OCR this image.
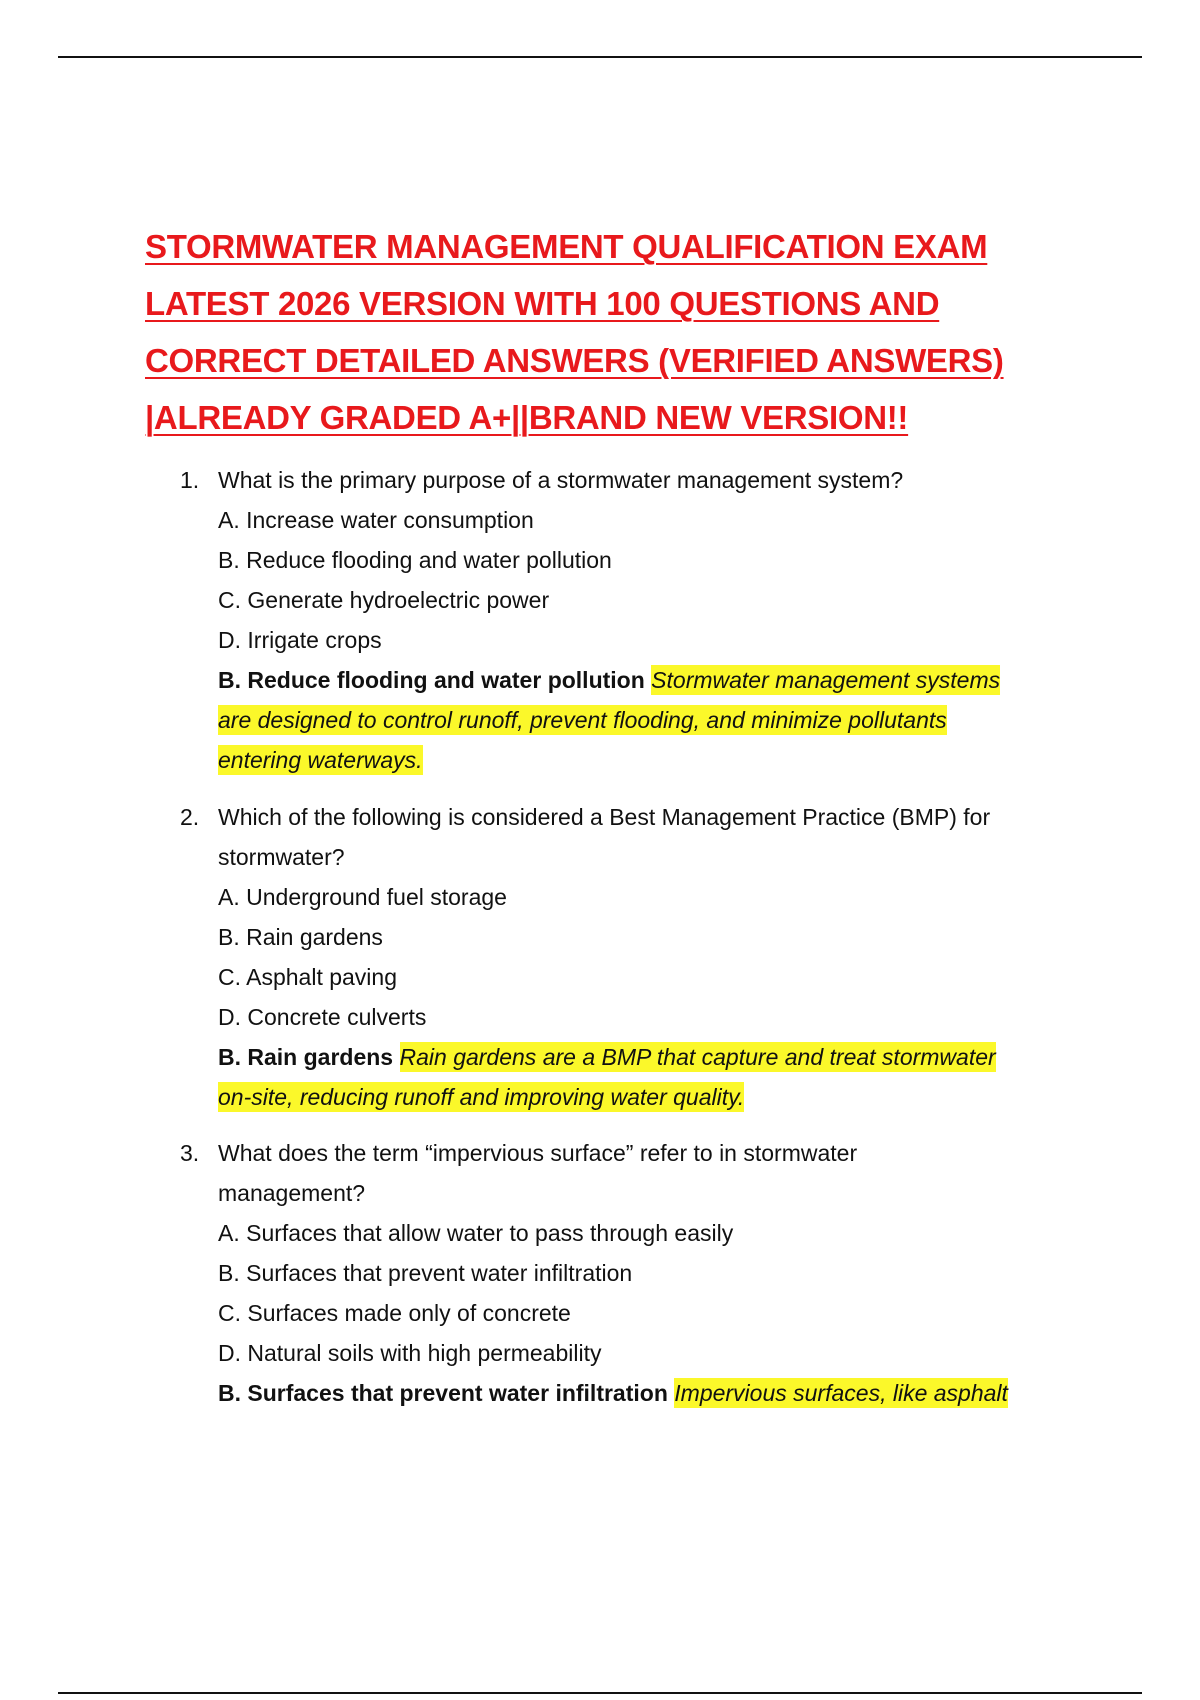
STORMWATER MANAGEMENT QUALIFICATION EXAM
LATEST 2026 VERSION WITH 100 QUESTIONS AND
CORRECT DETAILED ANSWERS (VERIFIED ANSWERS)
|ALREADY GRADED A+||BRAND NEW VERSION!!
1. What is the primary purpose of a stormwater management system?
A. Increase water consumption
B. Reduce flooding and water pollution
C. Generate hydroelectric power
D. Irrigate crops
B. Reduce flooding and water pollution Stormwater management systems
are designed to control runoff, prevent flooding, and minimize pollutants
entering waterways.
2. Which of the following is considered a Best Management Practice (BMP) for
stormwater?
A. Underground fuel storage
B. Rain gardens
C. Asphalt paving
D. Concrete culverts
B. Rain gardens Rain gardens are a BMP that capture and treat stormwater
on-site, reducing runoff and improving water quality.
3. What does the term “impervious surface” refer to in stormwater
management?
A. Surfaces that allow water to pass through easily
B. Surfaces that prevent water infiltration
C. Surfaces made only of concrete
D. Natural soils with high permeability
B. Surfaces that prevent water infiltration Impervious surfaces, like asphalt
